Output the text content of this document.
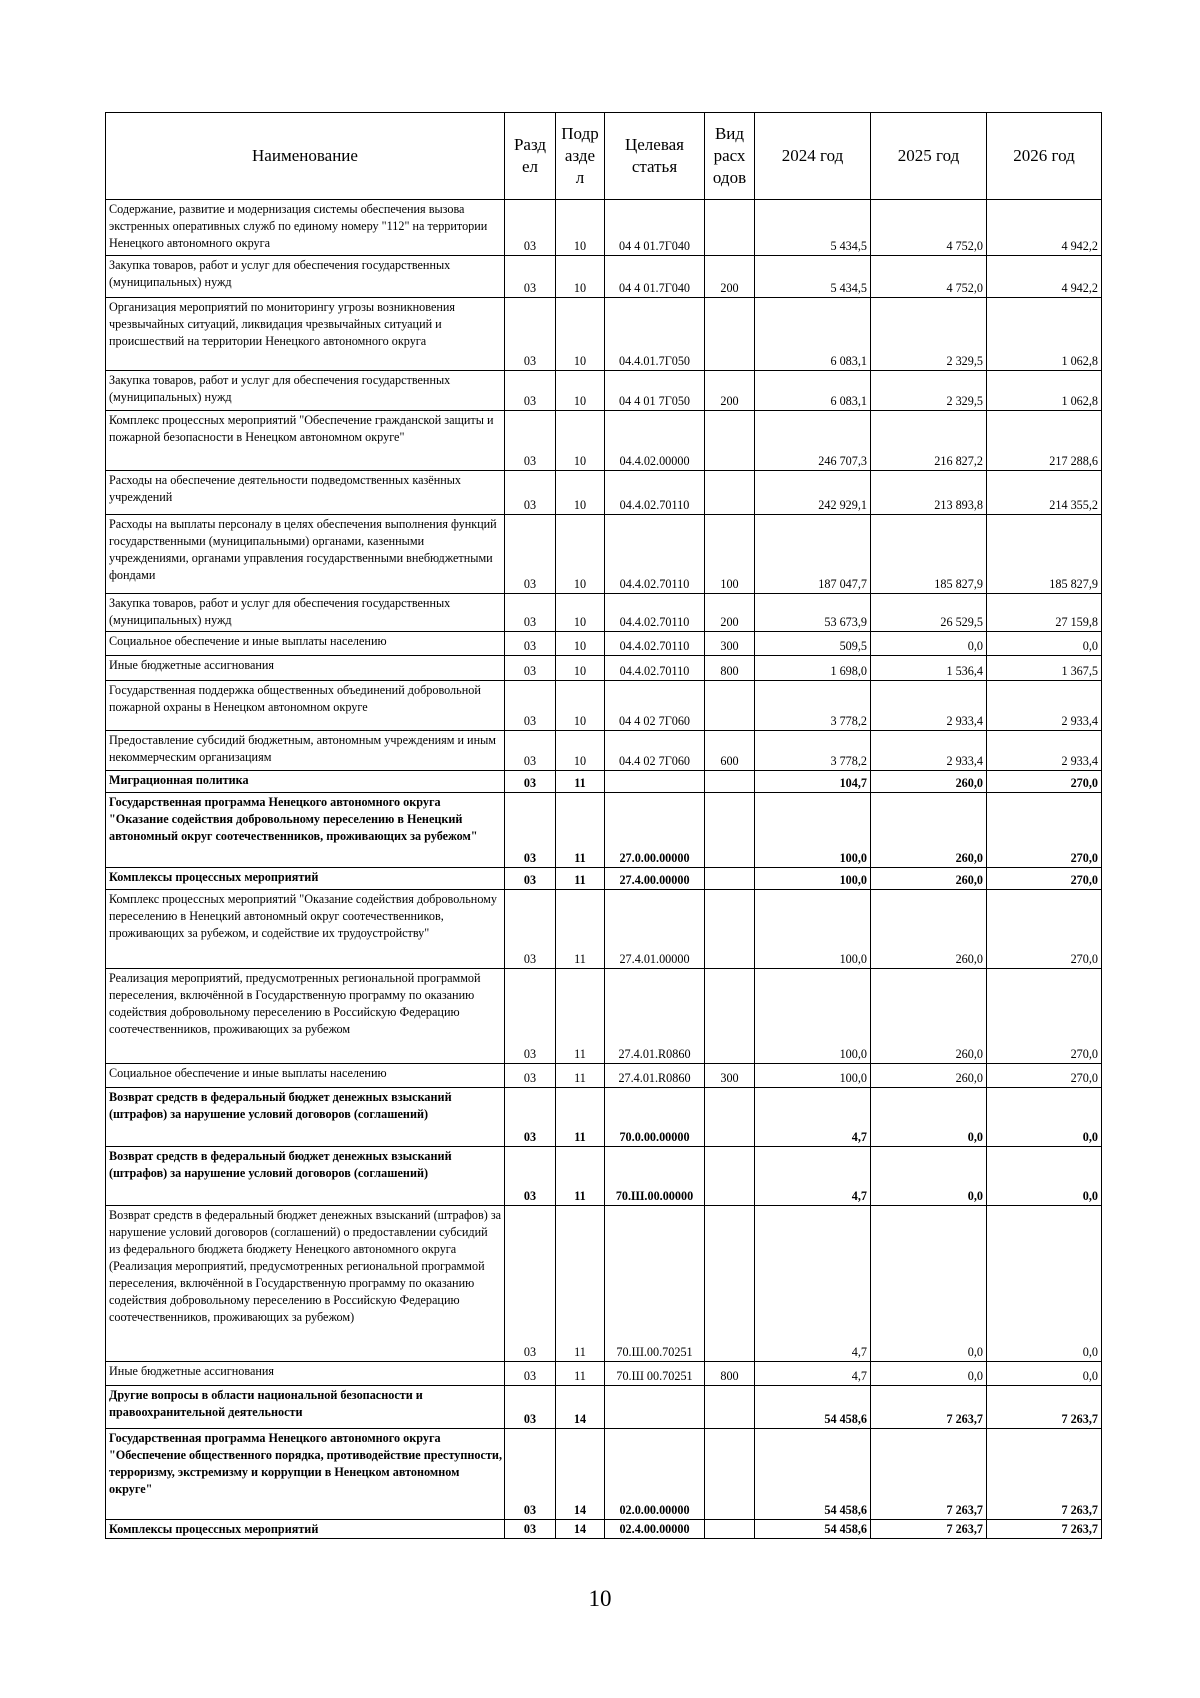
Наименование	Разд ел	Подр азде л	Целевая статья	Вид расх одов	2024 год	2025 год	2026 год
Содержание, развитие и модернизация системы обеспечения вызова экстренных оперативных служб по единому номеру "112" на территории Ненецкого автономного округа	03	10	04 4 01.7Г040		5 434,5	4 752,0	4 942,2
Закупка товаров, работ и услуг для обеспечения государственных (муниципальных) нужд	03	10	04 4 01.7Г040	200	5 434,5	4 752,0	4 942,2
Организация мероприятий по мониторингу угрозы возникновения чрезвычайных ситуаций, ликвидация чрезвычайных ситуаций и происшествий на территории Ненецкого автономного округа	03	10	04.4.01.7Г050		6 083,1	2 329,5	1 062,8
Закупка товаров, работ и услуг для обеспечения государственных (муниципальных) нужд	03	10	04 4 01 7Г050	200	6 083,1	2 329,5	1 062,8
Комплекс процессных мероприятий "Обеспечение гражданской защиты и пожарной безопасности в Ненецком автономном округе"	03	10	04.4.02.00000		246 707,3	216 827,2	217 288,6
Расходы на обеспечение деятельности подведомственных казённых учреждений	03	10	04.4.02.70110		242 929,1	213 893,8	214 355,2
Расходы на выплаты персоналу в целях обеспечения выполнения функций государственными (муниципальными) органами, казенными учреждениями, органами управления государственными внебюджетными фондами	03	10	04.4.02.70110	100	187 047,7	185 827,9	185 827,9
Закупка товаров, работ и услуг для обеспечения государственных (муниципальных) нужд	03	10	04.4.02.70110	200	53 673,9	26 529,5	27 159,8
Социальное обеспечение и иные выплаты населению	03	10	04.4.02.70110	300	509,5	0,0	0,0
Иные бюджетные ассигнования	03	10	04.4.02.70110	800	1 698,0	1 536,4	1 367,5
Государственная поддержка общественных объединений добровольной пожарной охраны в Ненецком автономном округе	03	10	04 4 02 7Г060		3 778,2	2 933,4	2 933,4
Предоставление субсидий бюджетным, автономным учреждениям и иным некоммерческим организациям	03	10	04.4 02 7Г060	600	3 778,2	2 933,4	2 933,4
Миграционная политика	03	11			104,7	260,0	270,0
Государственная программа Ненецкого автономного округа "Оказание содействия добровольному переселению в Ненецкий автономный округ соотечественников, проживающих за рубежом"	03	11	27.0.00.00000		100,0	260,0	270,0
Комплексы процессных мероприятий	03	11	27.4.00.00000		100,0	260,0	270,0
Комплекс процессных мероприятий "Оказание содействия добровольному переселению в Ненецкий автономный округ соотечественников, проживающих за рубежом, и содействие их трудоустройству"	03	11	27.4.01.00000		100,0	260,0	270,0
Реализация мероприятий, предусмотренных региональной программой переселения, включённой в Государственную программу по оказанию содействия добровольному переселению в Российскую Федерацию соотечественников, проживающих за рубежом	03	11	27.4.01.R0860		100,0	260,0	270,0
Социальное обеспечение и иные выплаты населению	03	11	27.4.01.R0860	300	100,0	260,0	270,0
Возврат средств в федеральный бюджет денежных взысканий (штрафов) за нарушение условий договоров (соглашений)	03	11	70.0.00.00000		4,7	0,0	0,0
Возврат средств в федеральный бюджет денежных взысканий (штрафов) за нарушение условий договоров (соглашений)	03	11	70.Ш.00.00000		4,7	0,0	0,0
Возврат средств в федеральный бюджет денежных взысканий (штрафов) за нарушение условий договоров (соглашений) о предоставлении субсидий из федерального бюджета бюджету Ненецкого автономного округа (Реализация мероприятий, предусмотренных региональной программой переселения, включённой в Государственную программу по оказанию содействия добровольному переселению в Российскую Федерацию соотечественников, проживающих за рубежом)	03	11	70.Ш.00.70251		4,7	0,0	0,0
Иные бюджетные ассигнования	03	11	70.Ш 00.70251	800	4,7	0,0	0,0
Другие вопросы в области национальной безопасности и правоохранительной деятельности	03	14			54 458,6	7 263,7	7 263,7
Государственная программа Ненецкого автономного округа "Обеспечение общественного порядка, противодействие преступности, терроризму, экстремизму и коррупции в Ненецком автономном округе"	03	14	02.0.00.00000		54 458,6	7 263,7	7 263,7
Комплексы процессных мероприятий	03	14	02.4.00.00000		54 458,6	7 263,7	7 263,7
10
